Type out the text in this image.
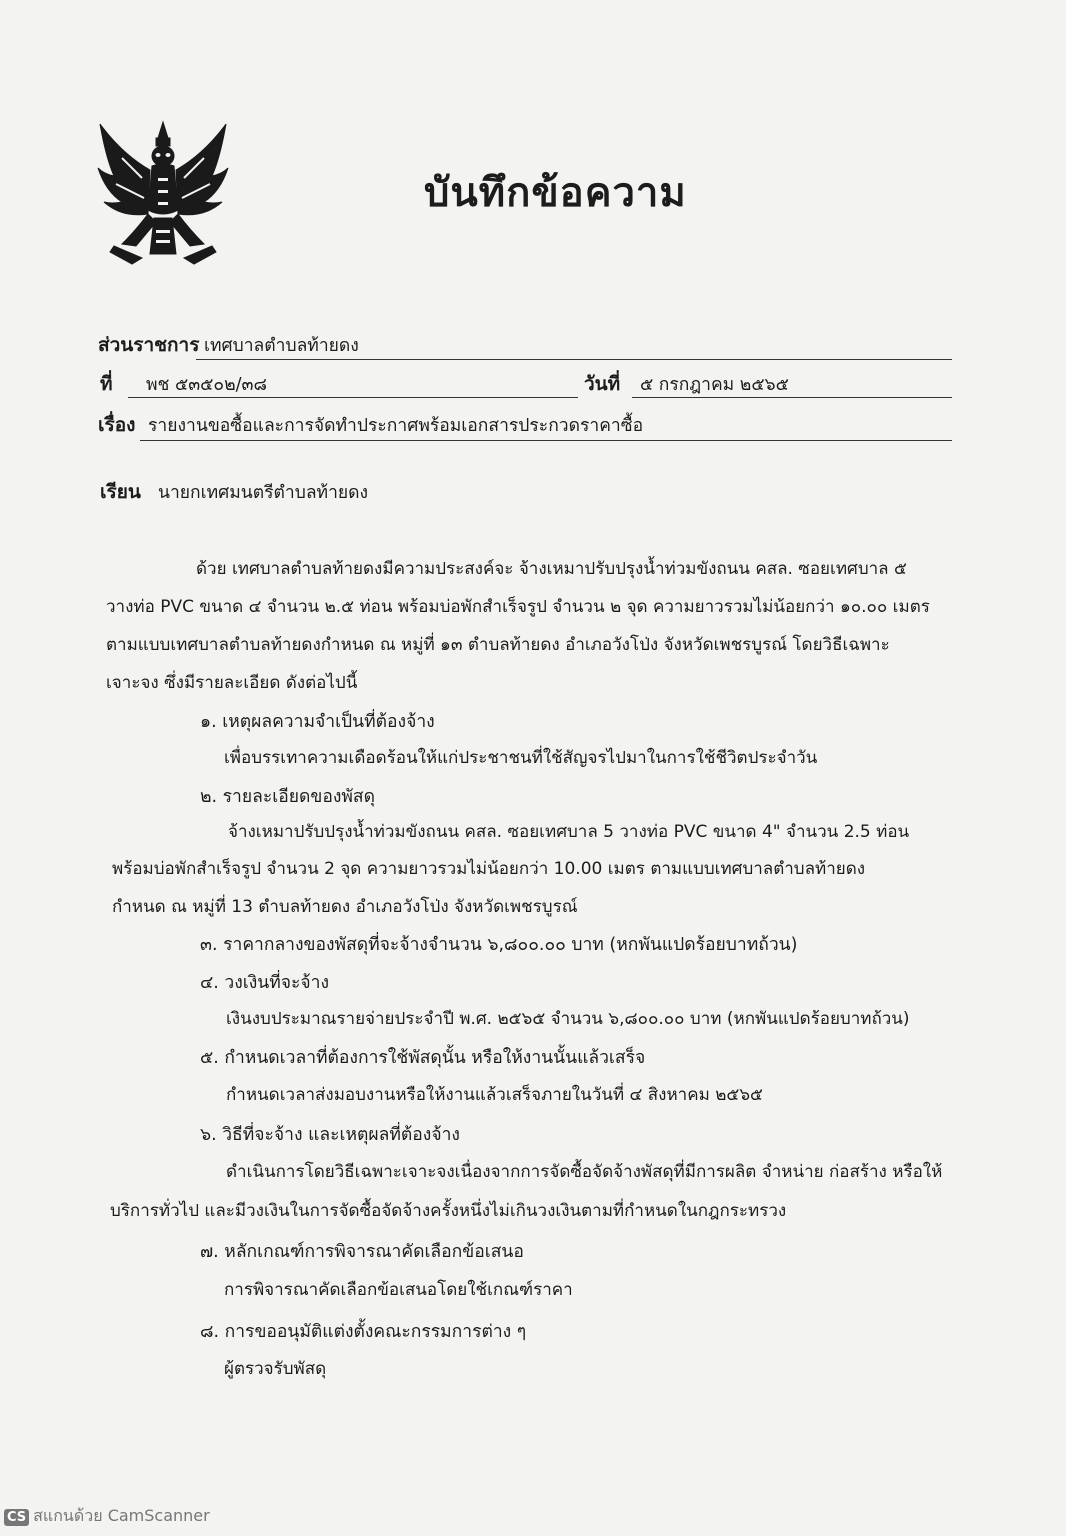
บันทึกข้อความ
ส่วนราชการ เทศบาลตำบลท้ายดง
ที่ พช ๕๓๕๐๒/๓๘	วันที่ ๕ กรกฎาคม ๒๕๖๕
เรื่อง รายงานขอซื้อและการจัดทำประกาศพร้อมเอกสารประกวดราคาซื้อ
เรียน นายกเทศมนตรีตำบลท้ายดง
ด้วย เทศบาลตำบลท้ายดงมีความประสงค์จะ จ้างเหมาปรับปรุงน้ำท่วมขังถนน คสล. ซอยเทศบาล ๕
วางท่อ PVC ขนาด ๔ จำนวน ๒.๕ ท่อน พร้อมบ่อพักสำเร็จรูป จำนวน ๒ จุด ความยาวรวมไม่น้อยกว่า ๑๐.๐๐ เมตร
ตามแบบเทศบาลตำบลท้ายดงกำหนด ณ หมู่ที่ ๑๓ ตำบลท้ายดง อำเภอวังโป่ง จังหวัดเพชรบูรณ์ โดยวิธีเฉพาะ
เจาะจง ซึ่งมีรายละเอียด ดังต่อไปนี้
๑. เหตุผลความจำเป็นที่ต้องจ้าง
เพื่อบรรเทาความเดือดร้อนให้แก่ประชาชนที่ใช้สัญจรไปมาในการใช้ชีวิตประจำวัน
๒. รายละเอียดของพัสดุ
จ้างเหมาปรับปรุงน้ำท่วมขังถนน คสล. ซอยเทศบาล 5 วางท่อ PVC ขนาด 4" จำนวน 2.5 ท่อน
พร้อมบ่อพักสำเร็จรูป จำนวน 2 จุด ความยาวรวมไม่น้อยกว่า 10.00 เมตร ตามแบบเทศบาลตำบลท้ายดง
กำหนด ณ หมู่ที่ 13 ตำบลท้ายดง อำเภอวังโป่ง จังหวัดเพชรบูรณ์
๓. ราคากลางของพัสดุที่จะจ้างจำนวน ๖,๘๐๐.๐๐ บาท (หกพันแปดร้อยบาทถ้วน)
๔. วงเงินที่จะจ้าง
เงินงบประมาณรายจ่ายประจำปี พ.ศ. ๒๕๖๕ จำนวน ๖,๘๐๐.๐๐ บาท (หกพันแปดร้อยบาทถ้วน)
๕. กำหนดเวลาที่ต้องการใช้พัสดุนั้น หรือให้งานนั้นแล้วเสร็จ
กำหนดเวลาส่งมอบงานหรือให้งานแล้วเสร็จภายในวันที่ ๔ สิงหาคม ๒๕๖๕
๖. วิธีที่จะจ้าง และเหตุผลที่ต้องจ้าง
ดำเนินการโดยวิธีเฉพาะเจาะจงเนื่องจากการจัดซื้อจัดจ้างพัสดุที่มีการผลิต จำหน่าย ก่อสร้าง หรือให้
บริการทั่วไป และมีวงเงินในการจัดซื้อจัดจ้างครั้งหนึ่งไม่เกินวงเงินตามที่กำหนดในกฎกระทรวง
๗. หลักเกณฑ์การพิจารณาคัดเลือกข้อเสนอ
การพิจารณาคัดเลือกข้อเสนอโดยใช้เกณฑ์ราคา
๘. การขออนุมัติแต่งตั้งคณะกรรมการต่าง ๆ
ผู้ตรวจรับพัสดุ
CS สแกนด้วย CamScanner
